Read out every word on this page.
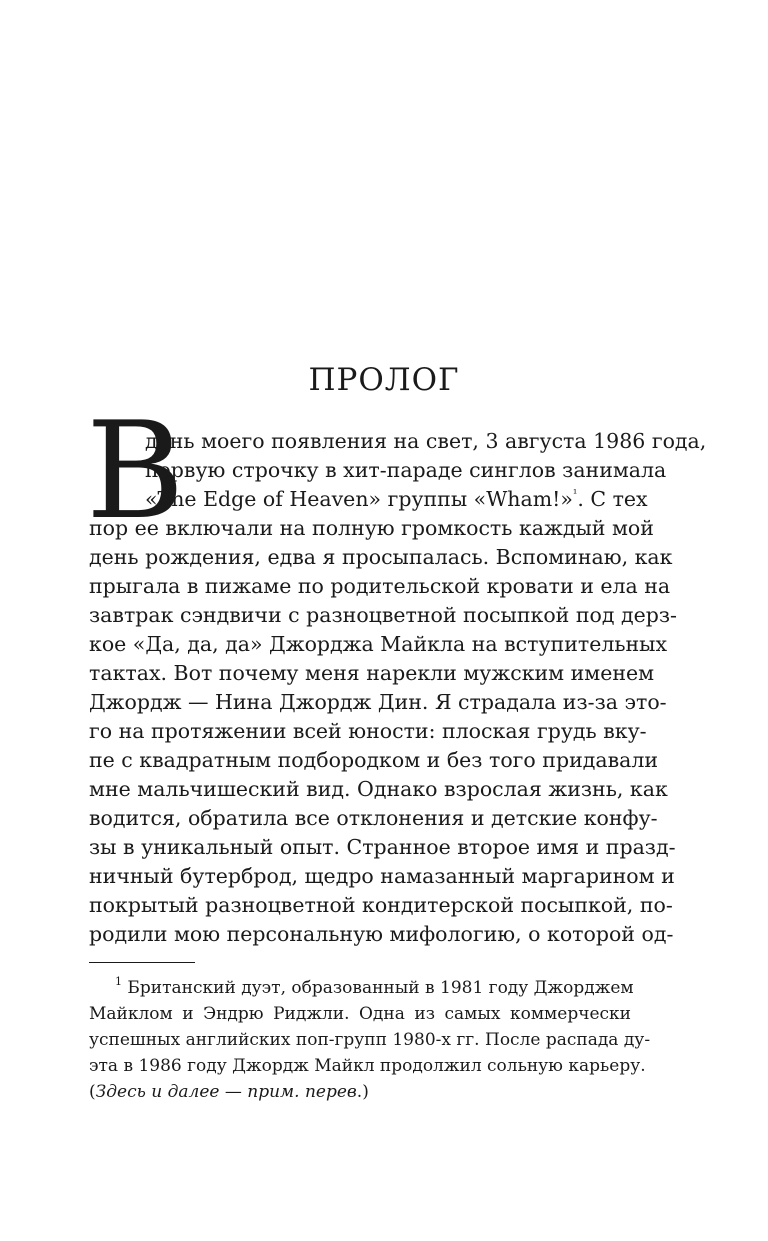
ПРОЛОГ
В
день моего появления на свет, 3 августа 1986 года,
первую строчку в хит-параде синглов занимала
«The Edge of Heaven» группы «Wham!»$^{^1}$. С тех
пор ее включали на полную громкость каждый мой
день рождения, едва я просыпалась. Вспоминаю, как
прыгала в пижаме по родительской кровати и ела на
завтрак сэндвичи с разноцветной посыпкой под дерз-
кое «Да, да, да» Джорджа Майкла на вступительных
тактах. Вот почему меня нарекли мужским именем
Джордж — Нина Джордж Дин. Я страдала из-за это-
го на протяжении всей юности: плоская грудь вку-
пе с квадратным подбородком и без того придавали
мне мальчишеский вид. Однако взрослая жизнь, как
водится, обратила все отклонения и детские конфу-
зы в уникальный опыт. Странное второе имя и празд-
ничный бутерброд, щедро намазанный маргарином и
покрытый разноцветной кондитерской посыпкой, по-
родили мою персональную мифологию, о которой од-
$^1$ Британский дуэт, образованный в 1981 году Джорджем
Майклом и Эндрю Риджли. Одна из самых коммерчески
успешных английских поп-групп 1980-х гг. После распада ду-
эта в 1986 году Джордж Майкл продолжил сольную карьеру.
(Здесь и далее — прим. перев.)
